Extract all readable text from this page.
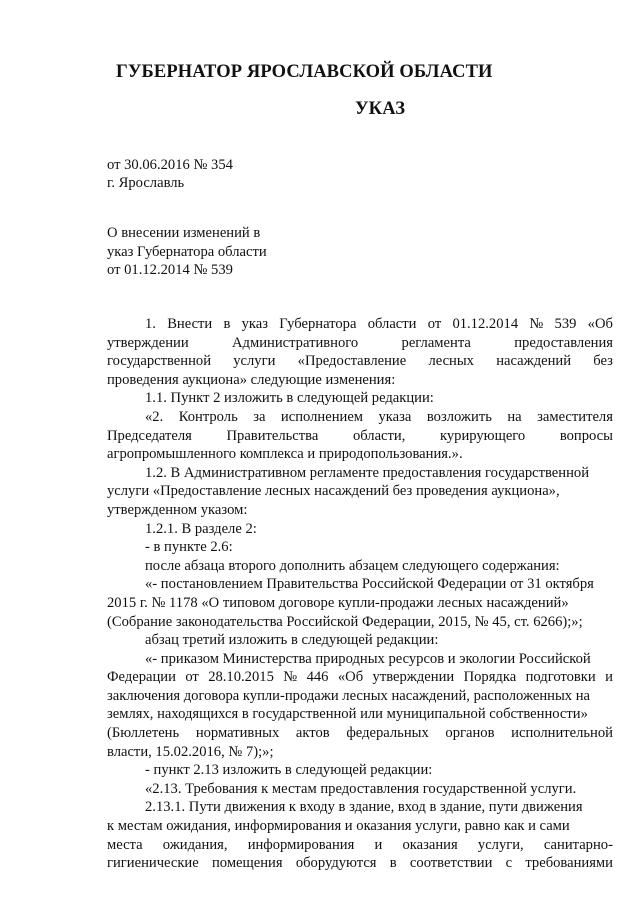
ГУБЕРНАТОР ЯРОСЛАВСКОЙ ОБЛАСТИ
УКАЗ
от 30.06.2016 № 354
г. Ярославль
О внесении изменений в
указ Губернатора области
от 01.12.2014 № 539
1. Внести в указ Губернатора области от 01.12.2014 № 539 «Об
утверждении	Административного	регламента	предоставления
государственной услуги «Предоставление лесных насаждений без
проведения аукциона» следующие изменения:
1.1. Пункт 2 изложить в следующей редакции:
«2. Контроль за исполнением указа возложить на заместителя
Председателя Правительства области, курирующего вопросы
агропромышленного комплекса и природопользования.».
1.2. В Административном регламенте предоставления государственной
услуги «Предоставление лесных насаждений без проведения аукциона»,
утвержденном указом:
1.2.1. В разделе 2:
- в пункте 2.6:
после абзаца второго дополнить абзацем следующего содержания:
«- постановлением Правительства Российской Федерации от 31 октября
2015 г. № 1178 «О типовом договоре купли-продажи лесных насаждений»
(Собрание законодательства Российской Федерации, 2015, № 45, ст. 6266);»;
абзац третий изложить в следующей редакции:
«- приказом Министерства природных ресурсов и экологии Российской
Федерации от 28.10.2015 № 446 «Об утверждении Порядка подготовки и
заключения договора купли-продажи лесных насаждений, расположенных на
землях, находящихся в государственной или муниципальной собственности»
(Бюллетень нормативных актов федеральных органов исполнительной
власти, 15.02.2016, № 7);»;
- пункт 2.13 изложить в следующей редакции:
«2.13. Требования к местам предоставления государственной услуги.
2.13.1. Пути движения к входу в здание, вход в здание, пути движения
к местам ожидания, информирования и оказания услуги, равно как и сами
места ожидания, информирования и оказания услуги, санитарно-
гигиенические помещения оборудуются в соответствии с требованиями
